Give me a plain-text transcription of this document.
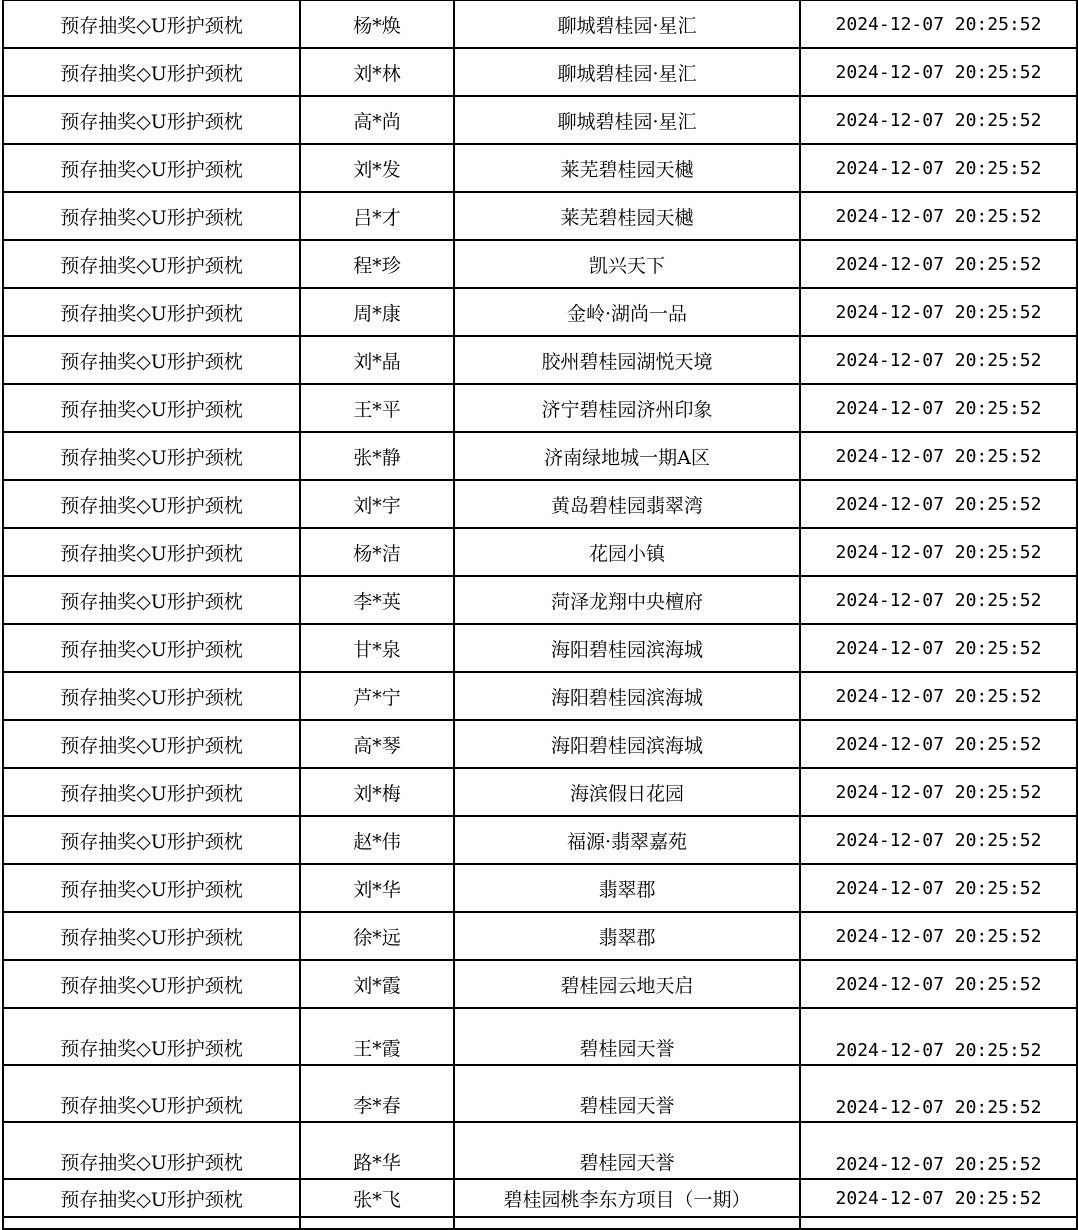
预存抽奖◇U形护颈枕	杨*焕	聊城碧桂园·星汇	2024-12-07 20:25:52
预存抽奖◇U形护颈枕	刘*林	聊城碧桂园·星汇	2024-12-07 20:25:52
预存抽奖◇U形护颈枕	高*尚	聊城碧桂园·星汇	2024-12-07 20:25:52
预存抽奖◇U形护颈枕	刘*发	莱芜碧桂园天樾	2024-12-07 20:25:52
预存抽奖◇U形护颈枕	吕*才	莱芜碧桂园天樾	2024-12-07 20:25:52
预存抽奖◇U形护颈枕	程*珍	凯兴天下	2024-12-07 20:25:52
预存抽奖◇U形护颈枕	周*康	金岭·湖尚一品	2024-12-07 20:25:52
预存抽奖◇U形护颈枕	刘*晶	胶州碧桂园湖悦天境	2024-12-07 20:25:52
预存抽奖◇U形护颈枕	王*平	济宁碧桂园济州印象	2024-12-07 20:25:52
预存抽奖◇U形护颈枕	张*静	济南绿地城一期A区	2024-12-07 20:25:52
预存抽奖◇U形护颈枕	刘*宇	黄岛碧桂园翡翠湾	2024-12-07 20:25:52
预存抽奖◇U形护颈枕	杨*洁	花园小镇	2024-12-07 20:25:52
预存抽奖◇U形护颈枕	李*英	菏泽龙翔中央檀府	2024-12-07 20:25:52
预存抽奖◇U形护颈枕	甘*泉	海阳碧桂园滨海城	2024-12-07 20:25:52
预存抽奖◇U形护颈枕	芦*宁	海阳碧桂园滨海城	2024-12-07 20:25:52
预存抽奖◇U形护颈枕	高*琴	海阳碧桂园滨海城	2024-12-07 20:25:52
预存抽奖◇U形护颈枕	刘*梅	海滨假日花园	2024-12-07 20:25:52
预存抽奖◇U形护颈枕	赵*伟	福源·翡翠嘉苑	2024-12-07 20:25:52
预存抽奖◇U形护颈枕	刘*华	翡翠郡	2024-12-07 20:25:52
预存抽奖◇U形护颈枕	徐*远	翡翠郡	2024-12-07 20:25:52
预存抽奖◇U形护颈枕	刘*霞	碧桂园云地天启	2024-12-07 20:25:52
预存抽奖◇U形护颈枕	王*霞	碧桂园天誉	2024-12-07 20:25:52
预存抽奖◇U形护颈枕	李*春	碧桂园天誉	2024-12-07 20:25:52
预存抽奖◇U形护颈枕	路*华	碧桂园天誉	2024-12-07 20:25:52
预存抽奖◇U形护颈枕	张*飞	碧桂园桃李东方项目（一期）	2024-12-07 20:25:52
